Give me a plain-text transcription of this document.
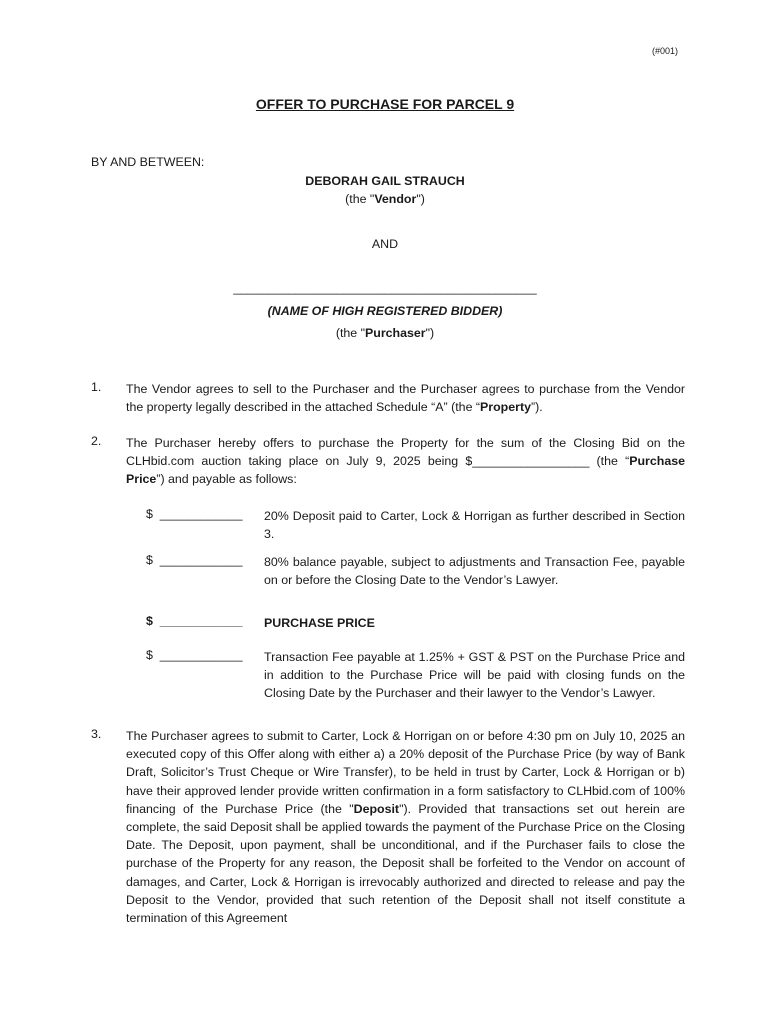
(#001)
OFFER TO PURCHASE FOR PARCEL 9
BY AND BETWEEN:
DEBORAH GAIL STRAUCH
(the "Vendor")
AND
____________________________________________
(NAME OF HIGH REGISTERED BIDDER)
(the "Purchaser")
1. The Vendor agrees to sell to the Purchaser and the Purchaser agrees to purchase from the Vendor the property legally described in the attached Schedule “A” (the “Property”).
2. The Purchaser hereby offers to purchase the Property for the sum of the Closing Bid on the CLHbid.com auction taking place on July 9, 2025 being $_________________ (the “Purchase Price”) and payable as follows:
$  ____________ 20% Deposit paid to Carter, Lock & Horrigan as further described in Section 3.
$  ____________ 80% balance payable, subject to adjustments and Transaction Fee, payable on or before the Closing Date to the Vendor’s Lawyer.
$  ____________ PURCHASE PRICE
$  ____________ Transaction Fee payable at 1.25% + GST & PST on the Purchase Price and in addition to the Purchase Price will be paid with closing funds on the Closing Date by the Purchaser and their lawyer to the Vendor’s Lawyer.
3. The Purchaser agrees to submit to Carter, Lock & Horrigan on or before 4:30 pm on July 10, 2025 an executed copy of this Offer along with either a) a 20% deposit of the Purchase Price (by way of Bank Draft, Solicitor’s Trust Cheque or Wire Transfer), to be held in trust by Carter, Lock & Horrigan or b) have their approved lender provide written confirmation in a form satisfactory to CLHbid.com of 100% financing of the Purchase Price (the "Deposit"). Provided that transactions set out herein are complete, the said Deposit shall be applied towards the payment of the Purchase Price on the Closing Date. The Deposit, upon payment, shall be unconditional, and if the Purchaser fails to close the purchase of the Property for any reason, the Deposit shall be forfeited to the Vendor on account of damages, and Carter, Lock & Horrigan is irrevocably authorized and directed to release and pay the Deposit to the Vendor, provided that such retention of the Deposit shall not itself constitute a termination of this Agreement
